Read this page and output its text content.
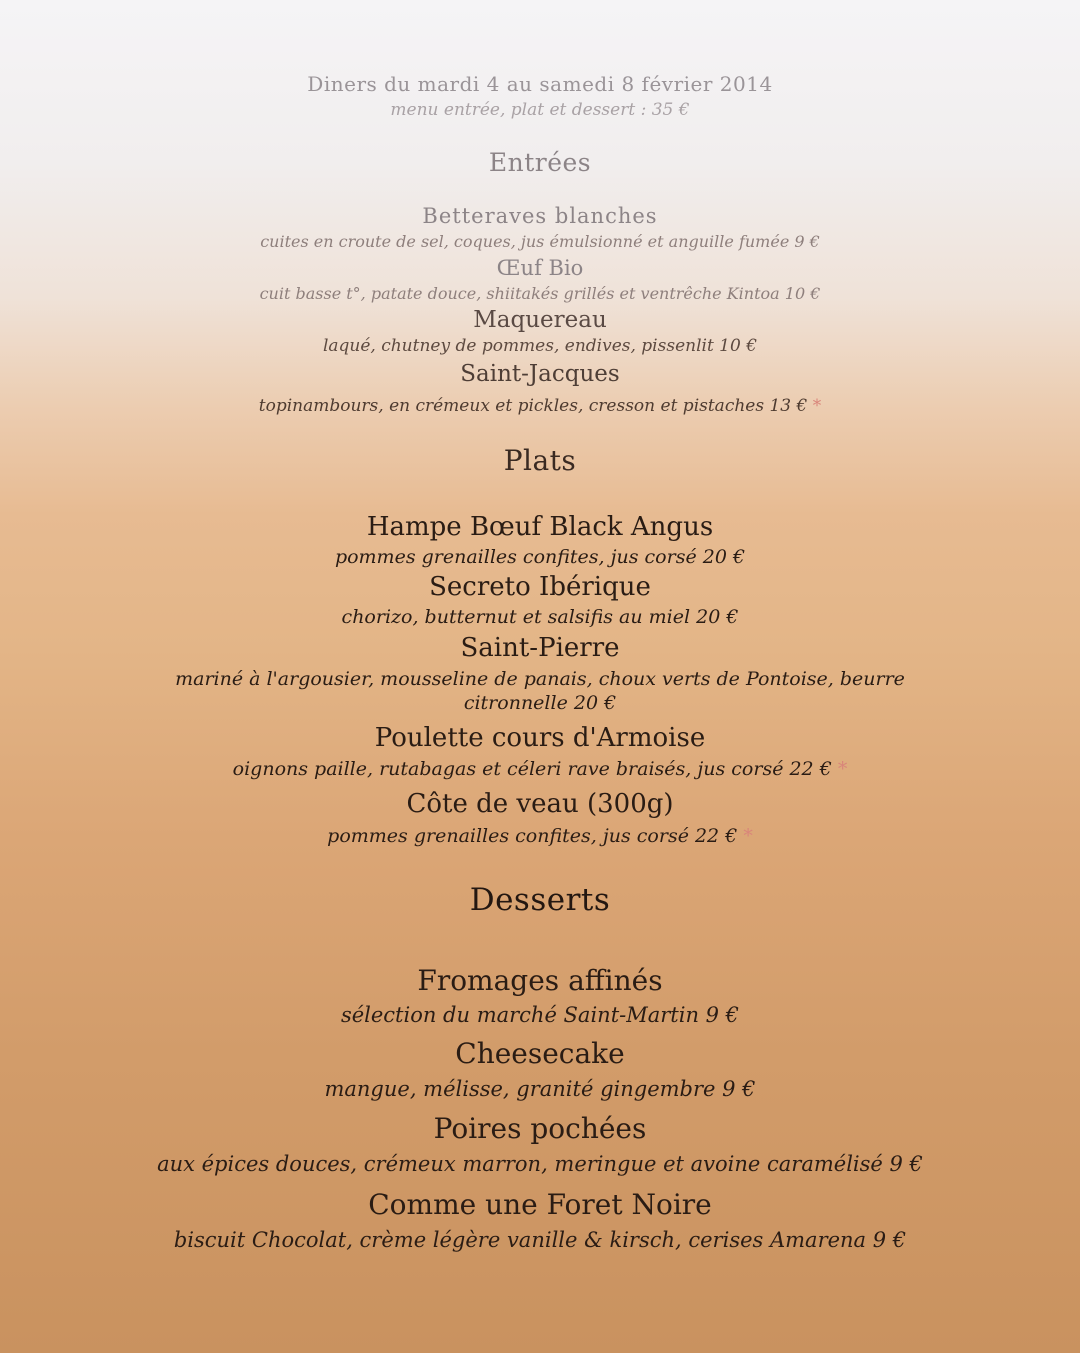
Diners du mardi 4 au samedi 8 février 2014
menu entrée, plat et dessert : 35 €
Entrées
Betteraves blanches
cuites en croute de sel, coques, jus émulsionné et anguille fumée 9 €
Œuf Bio
cuit basse t°, patate douce, shiitakés grillés et ventrêche Kintoa 10 €
Maquereau
laqué, chutney de pommes, endives, pissenlit 10 €
Saint-Jacques
topinambours, en crémeux et pickles, cresson et pistaches 13 € *
Plats
Hampe Bœuf Black Angus
pommes grenailles confites, jus corsé 20 €
Secreto Ibérique
chorizo, butternut et salsifis au miel 20 €
Saint-Pierre
mariné à l'argousier, mousseline de panais, choux verts de Pontoise, beurre
citronnelle 20 €
Poulette cours d'Armoise
oignons paille, rutabagas et céleri rave braisés, jus corsé 22 € *
Côte de veau (300g)
pommes grenailles confites, jus corsé 22 € *
Desserts
Fromages affinés
sélection du marché Saint-Martin 9 €
Cheesecake
mangue, mélisse, granité gingembre 9 €
Poires pochées
aux épices douces, crémeux marron, meringue et avoine caramélisé 9 €
Comme une Foret Noire
biscuit Chocolat, crème légère vanille & kirsch, cerises Amarena 9 €
